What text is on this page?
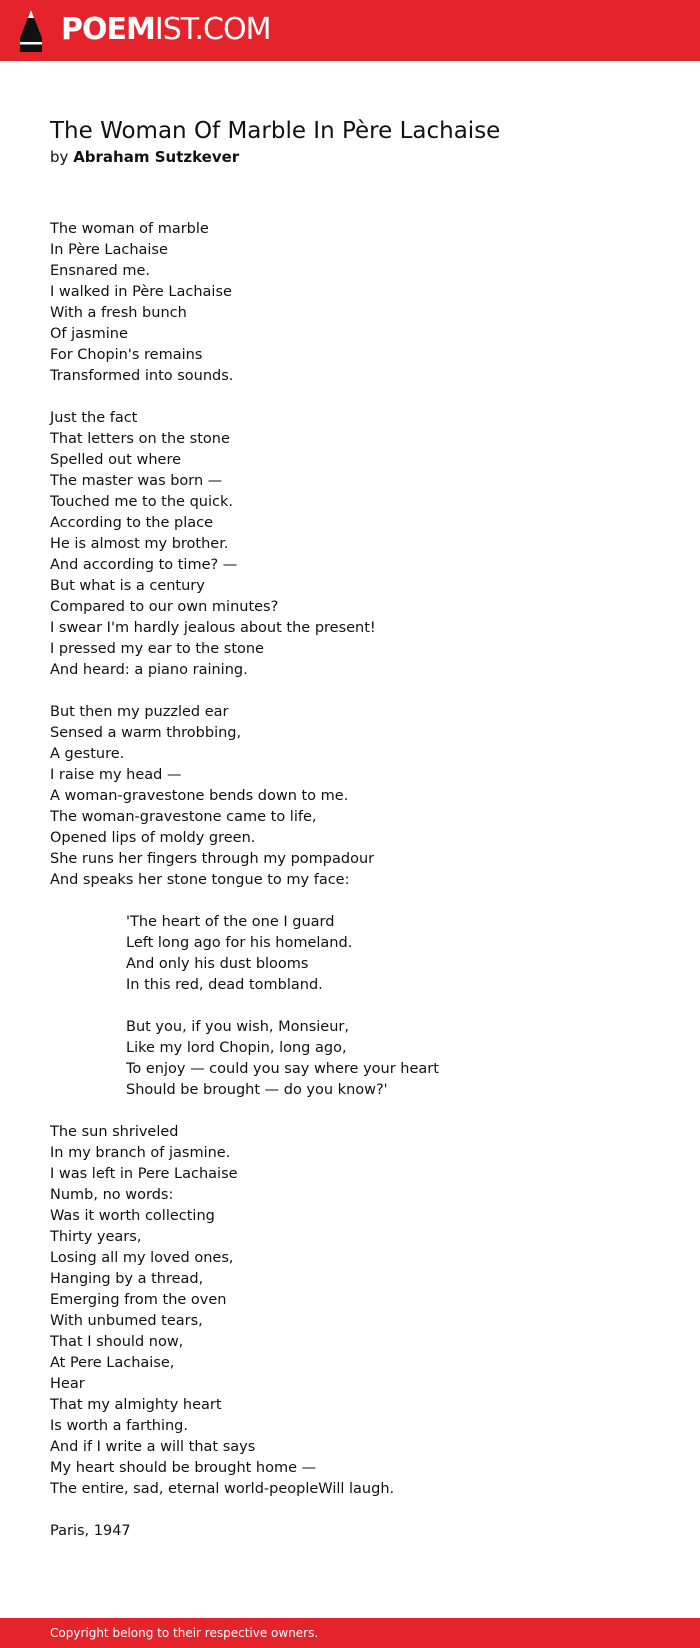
POEMIST.COM
The Woman Of Marble In Père Lachaise

by Abraham Sutzkever

The woman of marble
In Père Lachaise
Ensnared me.
I walked in Père Lachaise
With a fresh bunch
Of jasmine
For Chopin's remains
Transformed into sounds.
Just the fact
That letters on the stone
Spelled out where
The master was born —
Touched me to the quick.
According to the place
He is almost my brother.
And according to time? —
But what is a century
Compared to our own minutes?
I swear I'm hardly jealous about the present!
I pressed my ear to the stone
And heard: a piano raining.
But then my puzzled ear
Sensed a warm throbbing,
A gesture.
I raise my head —
A woman-gravestone bends down to me.
The woman-gravestone came to life,
Opened lips of moldy green.
She runs her fingers through my pompadour
And speaks her stone tongue to my face:
'The heart of the one I guard
Left long ago for his homeland.
And only his dust blooms
In this red, dead tombland.
But you, if you wish, Monsieur,
Like my lord Chopin, long ago,
To enjoy — could you say where your heart
Should be brought — do you know?'
The sun shriveled
In my branch of jasmine.
I was left in Pere Lachaise
Numb, no words:
Was it worth collecting
Thirty years,
Losing all my loved ones,
Hanging by a thread,
Emerging from the oven
With unbumed tears,
That I should now,
At Pere Lachaise,
Hear
That my almighty heart
Is worth a farthing.
And if I write a will that says
My heart should be brought home —
The entire, sad, eternal world-peopleWill laugh.
Paris, 1947
Copyright belong to their respective owners.
